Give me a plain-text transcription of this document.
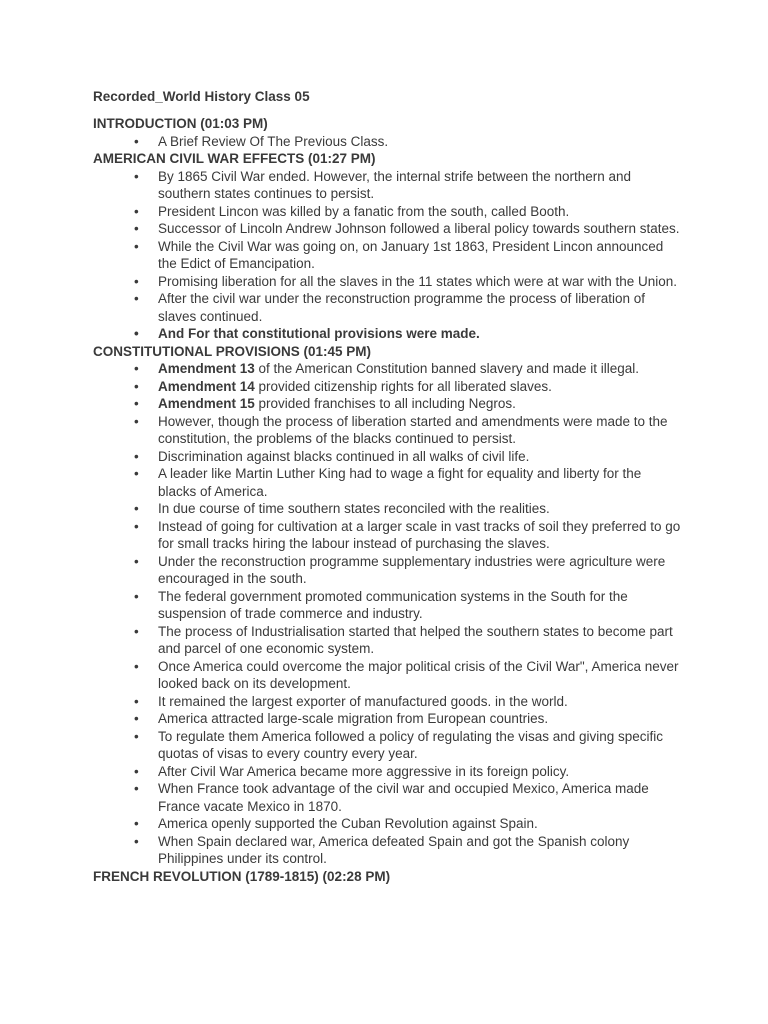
Recorded_World History Class 05
INTRODUCTION (01:03 PM)
• A Brief Review Of The Previous Class.
AMERICAN CIVIL WAR EFFECTS (01:27 PM)
• By 1865 Civil War ended. However, the internal strife between the northern and southern states continues to persist.
• President Lincon was killed by a fanatic from the south, called Booth.
• Successor of Lincoln Andrew Johnson followed a liberal policy towards southern states.
• While the Civil War was going on, on January 1st 1863, President Lincon announced the Edict of Emancipation.
• Promising liberation for all the slaves in the 11 states which were at war with the Union.
• After the civil war under the reconstruction programme the process of liberation of slaves continued.
• And For that constitutional provisions were made.
CONSTITUTIONAL PROVISIONS (01:45 PM)
• Amendment 13 of the American Constitution banned slavery and made it illegal.
• Amendment 14 provided citizenship rights for all liberated slaves.
• Amendment 15 provided franchises to all including Negros.
• However, though the process of liberation started and amendments were made to the constitution, the problems of the blacks continued to persist.
• Discrimination against blacks continued in all walks of civil life.
• A leader like Martin Luther King had to wage a fight for equality and liberty for the blacks of America.
• In due course of time southern states reconciled with the realities.
• Instead of going for cultivation at a larger scale in vast tracks of soil they preferred to go for small tracks hiring the labour instead of purchasing the slaves.
• Under the reconstruction programme supplementary industries were agriculture were encouraged in the south.
• The federal government promoted communication systems in the South for the suspension of trade commerce and industry.
• The process of Industrialisation started that helped the southern states to become part and parcel of one economic system.
• Once America could overcome the major political crisis of the Civil War", America never looked back on its development.
• It remained the largest exporter of manufactured goods. in the world.
• America attracted large-scale migration from European countries.
• To regulate them America followed a policy of regulating the visas and giving specific quotas of visas to every country every year.
• After Civil War America became more aggressive in its foreign policy.
• When France took advantage of the civil war and occupied Mexico, America made France vacate Mexico in 1870.
• America openly supported the Cuban Revolution against Spain.
• When Spain declared war, America defeated Spain and got the Spanish colony Philippines under its control.
FRENCH REVOLUTION (1789-1815) (02:28 PM)
